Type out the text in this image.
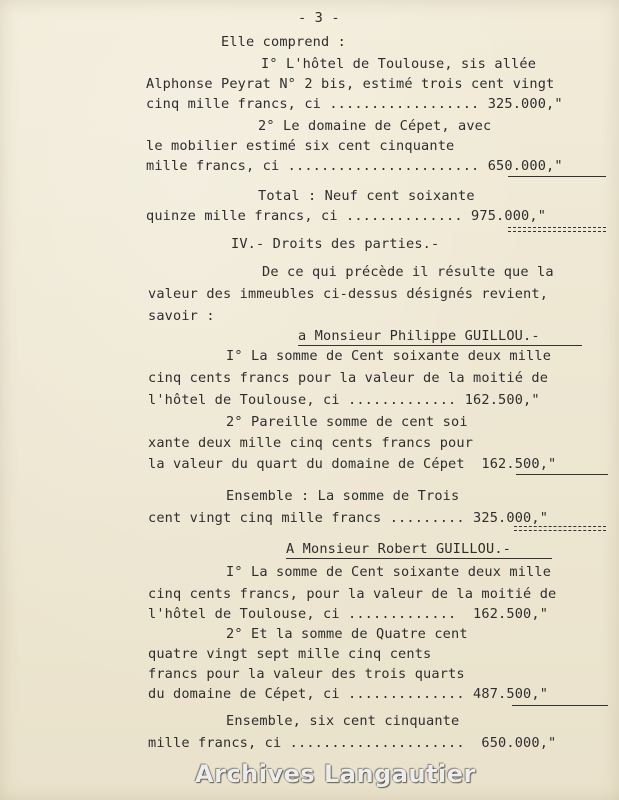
- 3 -
Elle comprend :
I° L'hôtel de Toulouse, sis allée
Alphonse Peyrat N° 2 bis, estimé trois cent vingt
cinq mille francs, ci .................. 325.000,"
2° Le domaine de Cépet, avec
le mobilier estimé six cent cinquante
mille francs, ci ....................... 650.000,"
Total : Neuf cent soixante
quinze mille francs, ci .............. 975.000,"
IV.- Droits des parties.-
De ce qui précède il résulte que la
valeur des immeubles ci-dessus désignés revient,
savoir :
a Monsieur Philippe GUILLOU.-
I° La somme de Cent soixante deux mille
cinq cents francs pour la valeur de la moitié de
l'hôtel de Toulouse, ci ............. 162.500,"
2° Pareille somme de cent soi
xante deux mille cinq cents francs pour
la valeur du quart du domaine de Cépet  162.500,"
Ensemble : La somme de Trois
cent vingt cinq mille francs ......... 325.000,"
A Monsieur Robert GUILLOU.-
I° La somme de Cent soixante deux mille
cinq cents francs, pour la valeur de la moitié de
l'hôtel de Toulouse, ci .............  162.500,"
2° Et la somme de Quatre cent
quatre vingt sept mille cinq cents
francs pour la valeur des trois quarts
du domaine de Cépet, ci .............. 487.500,"
Ensemble, six cent cinquante
mille francs, ci .....................  650.000,"
Archives Langautier
